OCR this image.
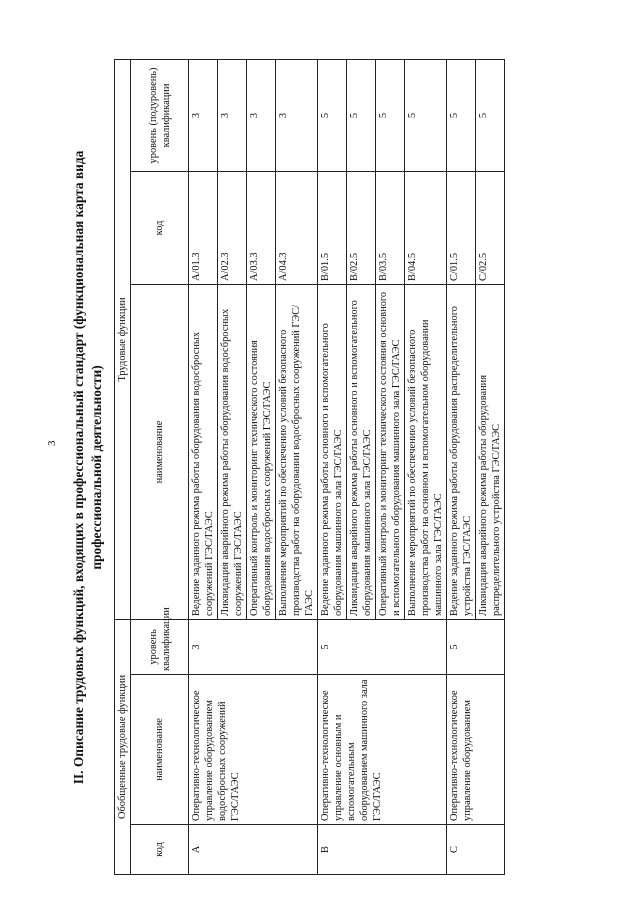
3 II. Описание трудовых функций, входящих в профессиональный стандарт (функциональная карта вида профессиональной деятельности)
Обобщенные трудовые функции			Трудовые функции		
код	наименование	уровень квалификации	наименование	код	уровень (подуровень) квалификации
A	Оперативно-технологическое управление оборудованием водосбросных сооружений ГЭС/ГАЭС	3	Ведение заданного режима работы оборудования водосбросных сооружений ГЭС/ГАЭС	A/01.3	3
			Ликвидация аварийного режима работы оборудования водосбросных сооружений ГЭС/ГАЭС	A/02.3	3
			Оперативный контроль и мониторинг технического состояния оборудования водосбросных сооружений ГЭС/ГАЭС	A/03.3	3
			Выполнение мероприятий по обеспечению условий безопасного производства работ на оборудовании водосбросных сооружений ГЭС/ГАЭС	A/04.3	3
B	Оперативно-технологическое управление основным и вспомогательным оборудованием машинного зала ГЭС/ГАЭС	5	Ведение заданного режима работы основного и вспомогательного оборудования машинного зала ГЭС/ГАЭС	B/01.5	5
			Ликвидация аварийного режима работы основного и вспомогательного оборудования машинного зала ГЭС/ГАЭС	B/02.5	5
			Оперативный контроль и мониторинг технического состояния основного и вспомогательного оборудования машинного зала ГЭС/ГАЭС	B/03.5	5
			Выполнение мероприятий по обеспечению условий безопасного производства работ на основном и вспомогательном оборудовании машинного зала ГЭС/ГАЭС	B/04.5	5
C	Оперативно-технологическое управление оборудованием	5	Ведение заданного режима работы оборудования распределительного устройства ГЭС/ГАЭС	C/01.5	5
			Ликвидация аварийного режима работы оборудования распределительного устройства ГЭС/ГАЭС	C/02.5	5
